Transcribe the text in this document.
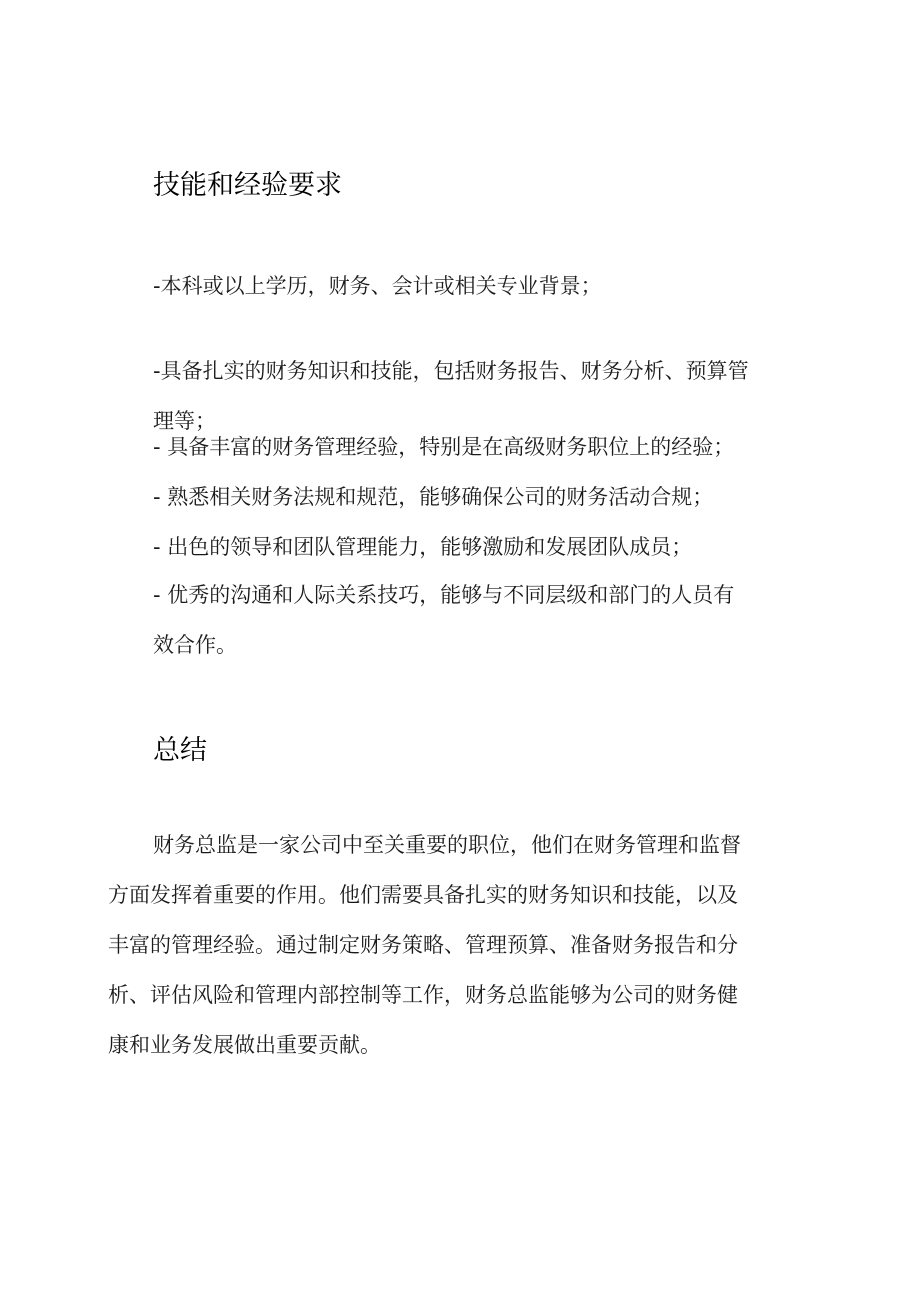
技能和经验要求

-本科或以上学历，财务、会计或相关专业背景；

-具备扎实的财务知识和技能，包括财务报告、财务分析、预算管
理等；

- 具备丰富的财务管理经验，特别是在高级财务职位上的经验；

- 熟悉相关财务法规和规范，能够确保公司的财务活动合规；

- 出色的领导和团队管理能力，能够激励和发展团队成员；

- 优秀的沟通和人际关系技巧，能够与不同层级和部门的人员有
效合作。

总结

财务总监是一家公司中至关重要的职位，他们在财务管理和监督
方面发挥着重要的作用。他们需要具备扎实的财务知识和技能，以及
丰富的管理经验。通过制定财务策略、管理预算、准备财务报告和分
析、评估风险和管理内部控制等工作，财务总监能够为公司的财务健
康和业务发展做出重要贡献。
